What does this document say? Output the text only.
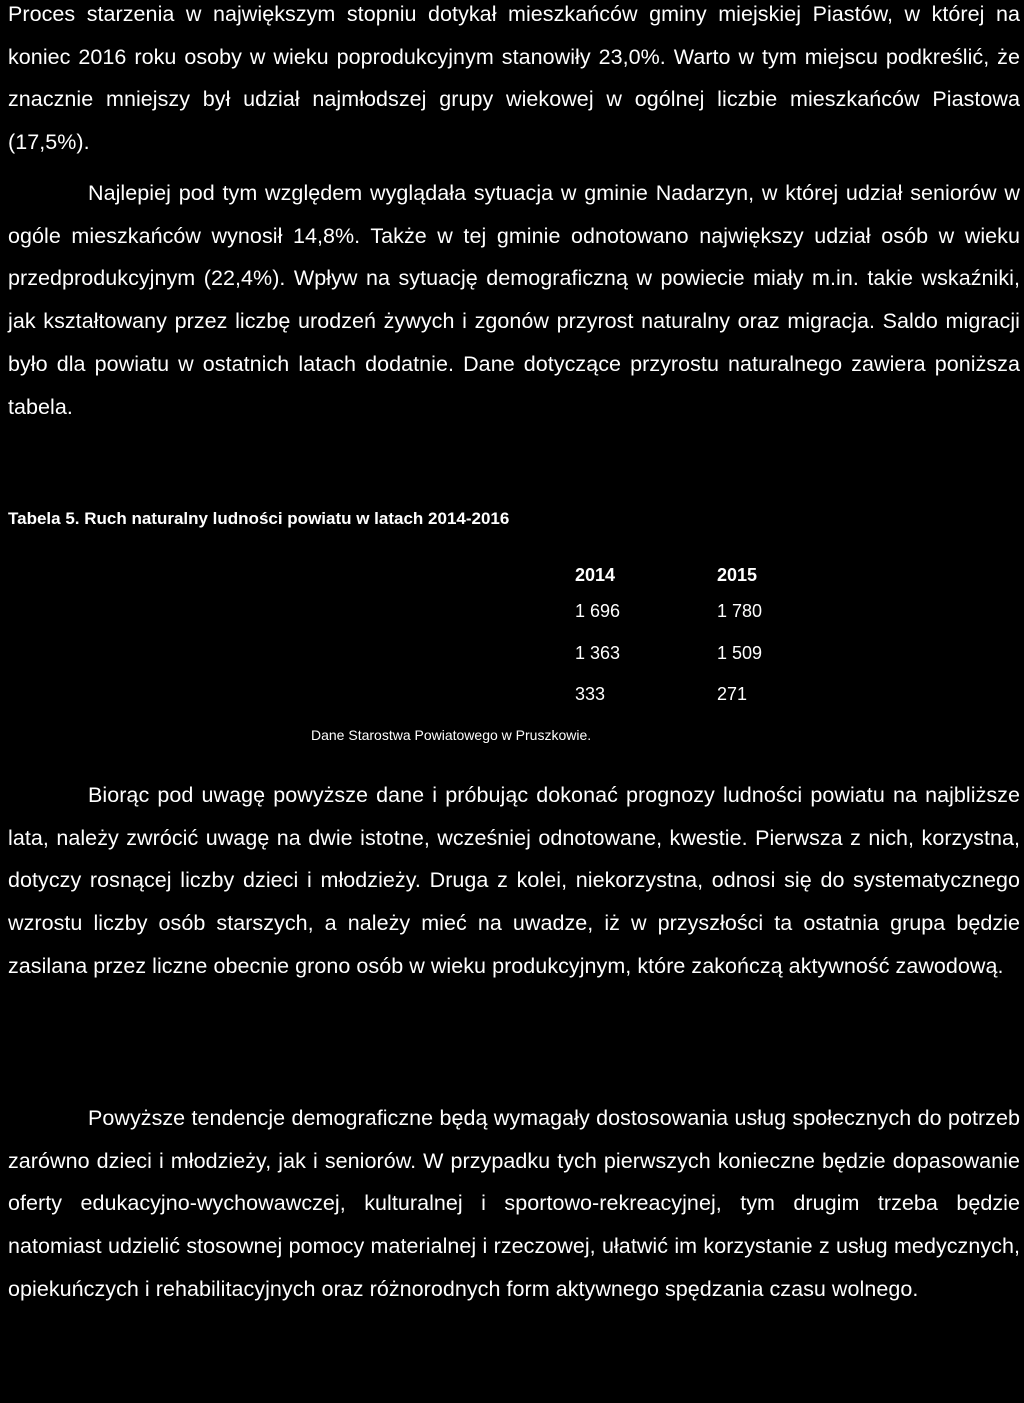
Proces starzenia w największym stopniu dotykał mieszkańców gminy miejskiej Piastów, w której na koniec 2016 roku osoby w wieku poprodukcyjnym stanowiły 23,0%. Warto w tym miejscu podkreślić, że znacznie mniejszy był udział najmłodszej grupy wiekowej w ogólnej liczbie mieszkańców Piastowa (17,5%).

Najlepiej pod tym względem wyglądała sytuacja w gminie Nadarzyn, w której udział seniorów w ogóle mieszkańców wynosił 14,8%. Także w tej gminie odnotowano największy udział osób w wieku przedprodukcyjnym (22,4%). Wpływ na sytuację demograficzną w powiecie miały m.in. takie wskaźniki, jak kształtowany przez liczbę urodzeń żywych i zgonów przyrost naturalny oraz migracja. Saldo migracji było dla powiatu w ostatnich latach dodatnie. Dane dotyczące przyrostu naturalnego zawiera poniższa tabela.

Tabela 5. Ruch naturalny ludności powiatu w latach 2014-2016
2014	2015
1 696	1 780
1 363	1 509
333	271
Dane Starostwa Powiatowego w Pruszkowie.

Biorąc pod uwagę powyższe dane i próbując dokonać prognozy ludności powiatu na najbliższe lata, należy zwrócić uwagę na dwie istotne, wcześniej odnotowane, kwestie. Pierwsza z nich, korzystna, dotyczy rosnącej liczby dzieci i młodzieży. Druga z kolei, niekorzystna, odnosi się do systematycznego wzrostu liczby osób starszych, a należy mieć na uwadze, iż w przyszłości ta ostatnia grupa będzie zasilana przez liczne obecnie grono osób w wieku produkcyjnym, które zakończą aktywność zawodową.

Powyższe tendencje demograficzne będą wymagały dostosowania usług społecznych do potrzeb zarówno dzieci i młodzieży, jak i seniorów. W przypadku tych pierwszych konieczne będzie dopasowanie oferty edukacyjno-wychowawczej, kulturalnej i sportowo-rekreacyjnej, tym drugim trzeba będzie natomiast udzielić stosownej pomocy materialnej i rzeczowej, ułatwić im korzystanie z usług medycznych, opiekuńczych i rehabilitacyjnych oraz różnorodnych form aktywnego spędzania czasu wolnego.
